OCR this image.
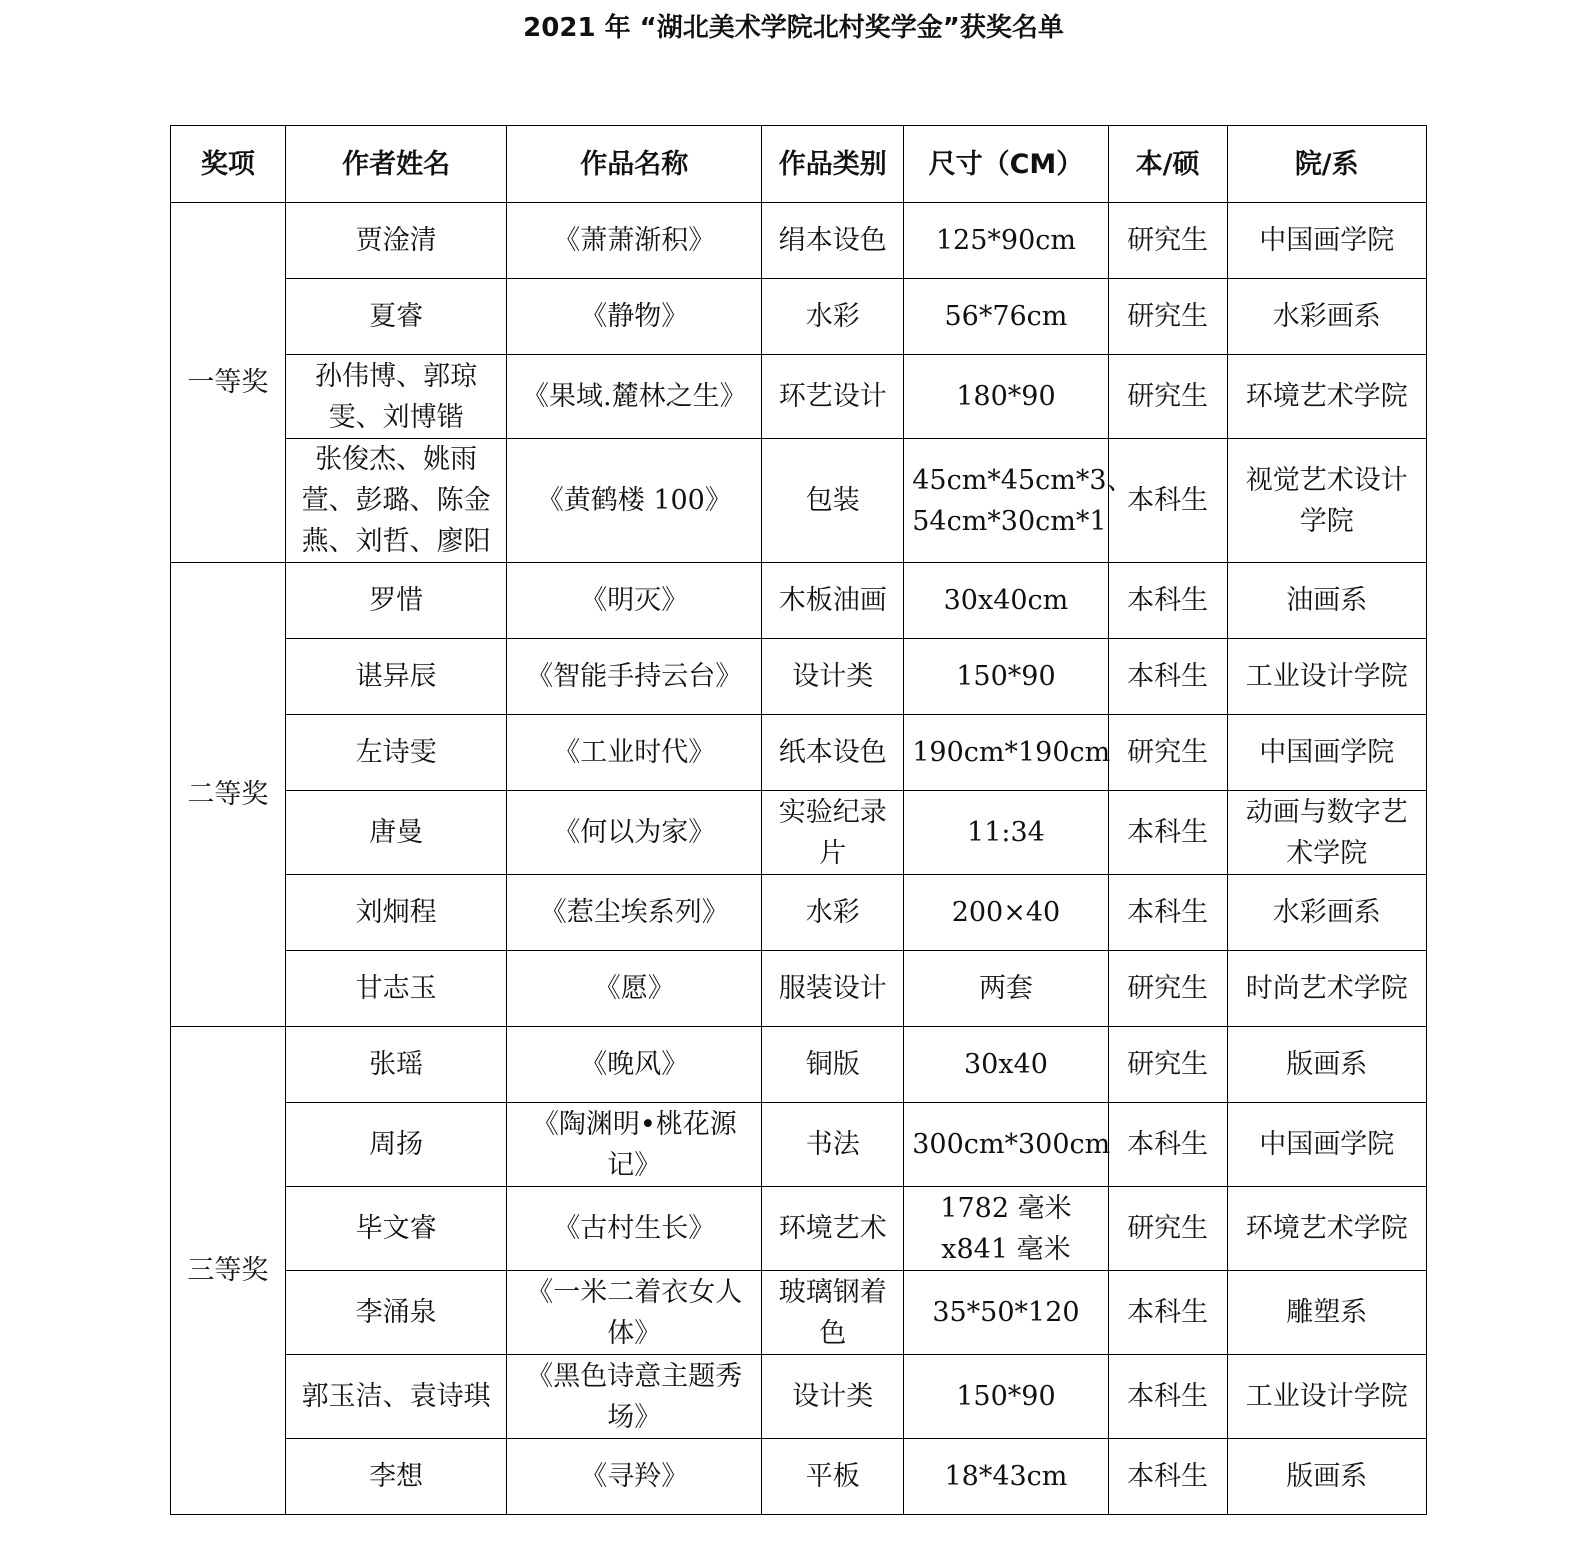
2021 年 “湖北美术学院北村奖学金”获奖名单
奖项	作者姓名	作品名称	作品类别	尺寸（CM）	本/硕	院/系
一等奖	贾淦清	《萧萧渐积》	绢本设色	125*90cm	研究生	中国画学院
	夏睿	《静物》	水彩	56*76cm	研究生	水彩画系
	孙伟博、郭琼雯、刘博锴	《果域.麓林之生》	环艺设计	180*90	研究生	环境艺术学院
	张俊杰、姚雨萱、彭璐、陈金燕、刘哲、廖阳	《黄鹤楼 100》	包装	45cm*45cm*3、54cm*30cm*1	本科生	视觉艺术设计学院
二等奖	罗惜	《明灭》	木板油画	30x40cm	本科生	油画系
	谌异辰	《智能手持云台》	设计类	150*90	本科生	工业设计学院
	左诗雯	《工业时代》	纸本设色	190cm*190cm	研究生	中国画学院
	唐曼	《何以为家》	实验纪录片	11:34	本科生	动画与数字艺术学院
	刘炯程	《惹尘埃系列》	水彩	200×40	本科生	水彩画系
	甘志玉	《愿》	服装设计	两套	研究生	时尚艺术学院
三等奖	张瑶	《晚风》	铜版	30x40	研究生	版画系
	周扬	《陶渊明•桃花源记》	书法	300cm*300cm	本科生	中国画学院
	毕文睿	《古村生长》	环境艺术	1782 毫米 x841 毫米	研究生	环境艺术学院
	李涌泉	《一米二着衣女人体》	玻璃钢着色	35*50*120	本科生	雕塑系
	郭玉洁、袁诗琪	《黑色诗意主题秀场》	设计类	150*90	本科生	工业设计学院
	李想	《寻羚》	平板	18*43cm	本科生	版画系
